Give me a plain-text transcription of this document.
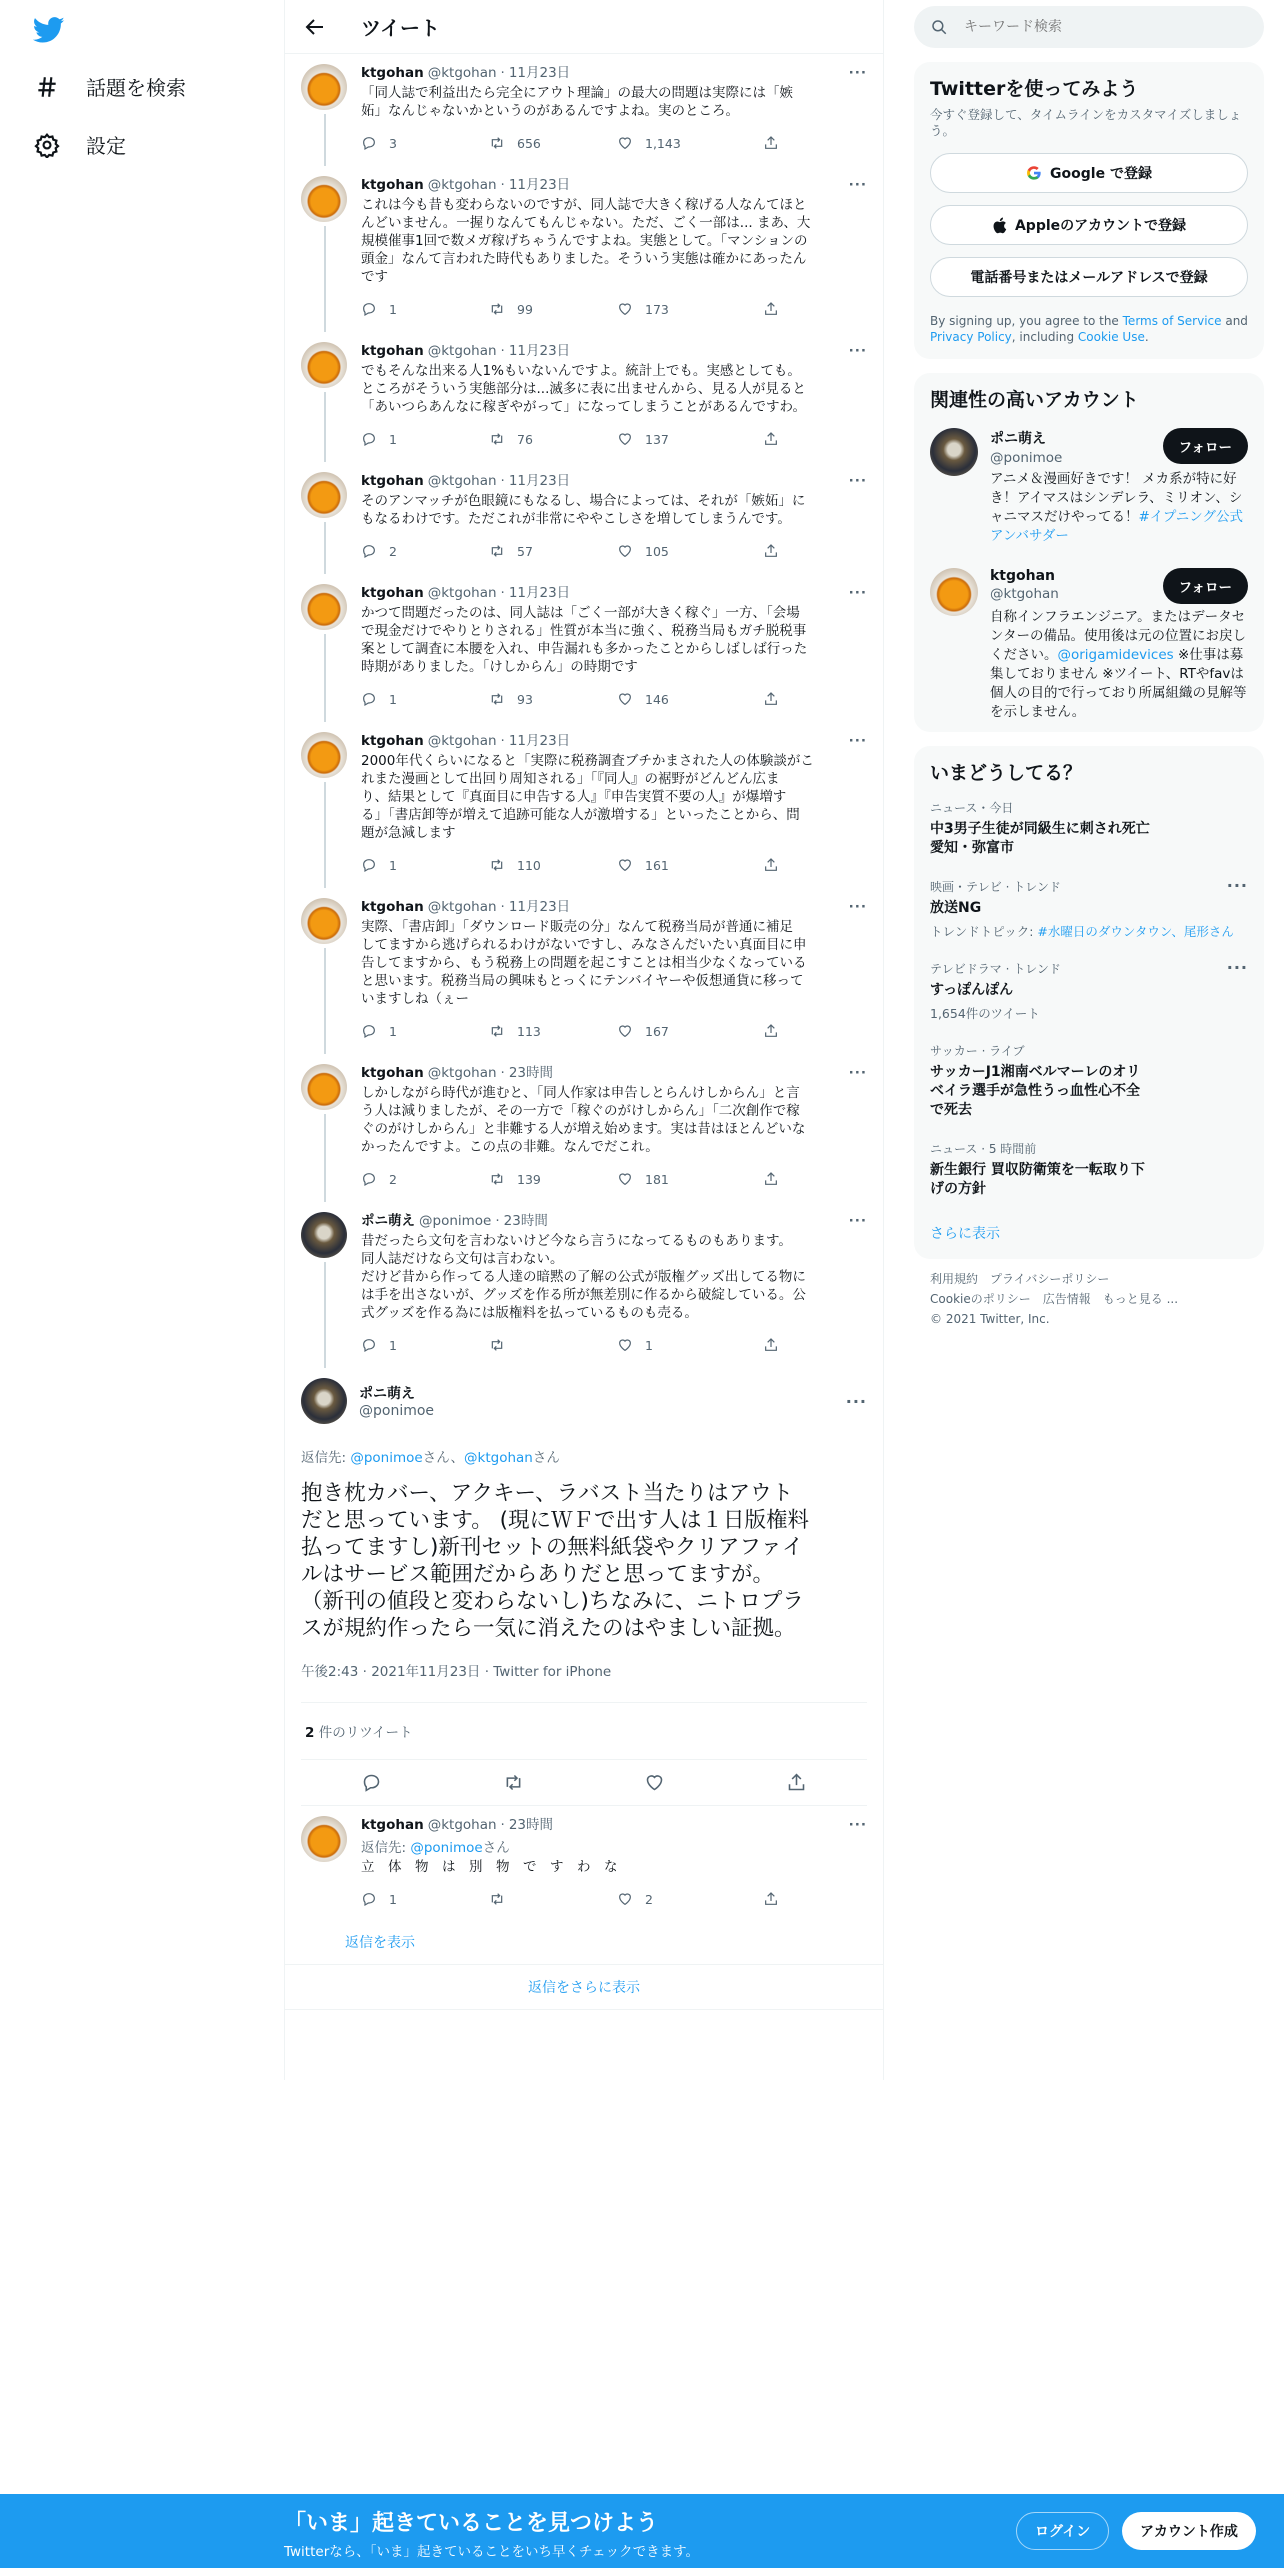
話題を検索
設定
ツイート
ktgohan @ktgohan · 11月23日	···
「同人誌で利益出たら完全にアウト理論」の最大の問題は実際には「嫉
妬」なんじゃないかというのがあるんですよね。実のところ。
3	656	1,143
ktgohan @ktgohan · 11月23日	···
これは今も昔も変わらないのですが、同人誌で大きく稼げる人なんてほと
んどいません。一握りなんてもんじゃない。ただ、ごく一部は... まあ、大
規模催事1回で数メガ稼げちゃうんですよね。実態として。「マンションの
頭金」なんて言われた時代もありました。そういう実態は確かにあったん
です
1	99	173
ktgohan @ktgohan · 11月23日	···
でもそんな出来る人1%もいないんですよ。統計上でも。実感としても。
ところがそういう実態部分は...滅多に表に出ませんから、見る人が見ると
「あいつらあんなに稼ぎやがって」になってしまうことがあるんですわ。
1	76	137
ktgohan @ktgohan · 11月23日	···
そのアンマッチが色眼鏡にもなるし、場合によっては、それが「嫉妬」に
もなるわけです。ただこれが非常にややこしさを増してしまうんです。
2	57	105
ktgohan @ktgohan · 11月23日	···
かつて問題だったのは、同人誌は「ごく一部が大きく稼ぐ」一方、「会場
で現金だけでやりとりされる」性質が本当に強く、税務当局もガチ脱税事
案として調査に本腰を入れ、申告漏れも多かったことからしばしば行った
時期がありました。「けしからん」の時期です
1	93	146
ktgohan @ktgohan · 11月23日	···
2000年代くらいになると「実際に税務調査ブチかまされた人の体験談がこ
れまた漫画として出回り周知される」「『同人』の裾野がどんどん広ま
り、結果として『真面目に申告する人』『申告実質不要の人』が爆増す
る」「書店卸等が増えて追跡可能な人が激増する」といったことから、問
題が急減します
1	110	161
ktgohan @ktgohan · 11月23日	···
実際、「書店卸」「ダウンロード販売の分」なんて税務当局が普通に補足
してますから逃げられるわけがないですし、みなさんだいたい真面目に申
告してますから、もう税務上の問題を起こすことは相当少なくなっている
と思います。税務当局の興味もとっくにテンバイヤーや仮想通貨に移って
いますしね（ぇー
1	113	167
ktgohan @ktgohan · 23時間	···
しかしながら時代が進むと、「同人作家は申告しとらんけしからん」と言
う人は減りましたが、その一方で「稼ぐのがけしからん」「二次創作で稼
ぐのがけしからん」と非難する人が増え始めます。実は昔はほとんどいな
かったんですよ。この点の非難。なんでだこれ。
2	139	181
ポニ萌え @ponimoe · 23時間	···
昔だったら文句を言わないけど今なら言うになってるものもあります。
同人誌だけなら文句は言わない。
だけど昔から作ってる人達の暗黙の了解の公式が版権グッズ出してる物に
は手を出さないが、グッズを作る所が無差別に作るから破綻している。公
式グッズを作る為には版権料を払っているものも売る。
1	1
ポニ萌え
@ponimoe
···
返信先: @ponimoeさん、@ktgohanさん
抱き枕カバー、アクキー、ラバスト当たりはアウト
だと思っています。 (現にＷＦで出す人は１日版権料
払ってますし)新刊セットの無料紙袋やクリアファイ
ルはサービス範囲だからありだと思ってますが。
（新刊の値段と変わらないし)ちなみに、ニトロプラ
スが規約作ったら一気に消えたのはやましい証拠。
午後2:43 · 2021年11月23日 · Twitter for iPhone
2 件のリツイート
ktgohan @ktgohan · 23時間	···
返信先: @ponimoeさん
立　体　物　は　別　物　で　す　わ　な
1	2
返信を表示
返信をさらに表示
キーワード検索
Twitterを使ってみよう
今すぐ登録して、タイムラインをカスタマイズしましょう。
Google で登録
Appleのアカウントで登録
電話番号またはメールアドレスで登録
By signing up, you agree to the Terms of Service and Privacy Policy, including Cookie Use.
関連性の高いアカウント
ポニ萌え
@ponimoe
フォロー
アニメ＆漫画好きです！ メカ系が特に好き！アイマスはシンデレラ、ミリオン、シャニマスだけやってる！#イプニング公式アンバサダー
ktgohan
@ktgohan	フォロー
自称インフラエンジニア。またはデータセンターの備品。使用後は元の位置にお戻しください。@origamidevices ※仕事は募集しておりません ※ツイート、RTやfavは個人の目的で行っており所属組織の見解等を示しません。
いまどうしてる？
ニュース・今日
中3男子生徒が同級生に刺され死亡
愛知・弥富市
映画・テレビ · トレンド
放送NG
トレンドトピック: #水曜日のダウンタウン、尾形さん
···
テレビドラマ · トレンド
すっぽんぽん
1,654件のツイート
···
サッカー · ライブ
サッカーJ1湘南ベルマーレのオリ
ベイラ選手が急性うっ血性心不全
で死去
ニュース · 5 時間前
新生銀行 買収防衛策を一転取り下
げの方針
さらに表示
利用規約 プライバシーポリシー
Cookieのポリシー 広告情報 もっと見る ...
© 2021 Twitter, Inc.
「いま」起きていることを見つけよう
Twitterなら、「いま」起きていることをいち早くチェックできます。
ログイン	アカウント作成
